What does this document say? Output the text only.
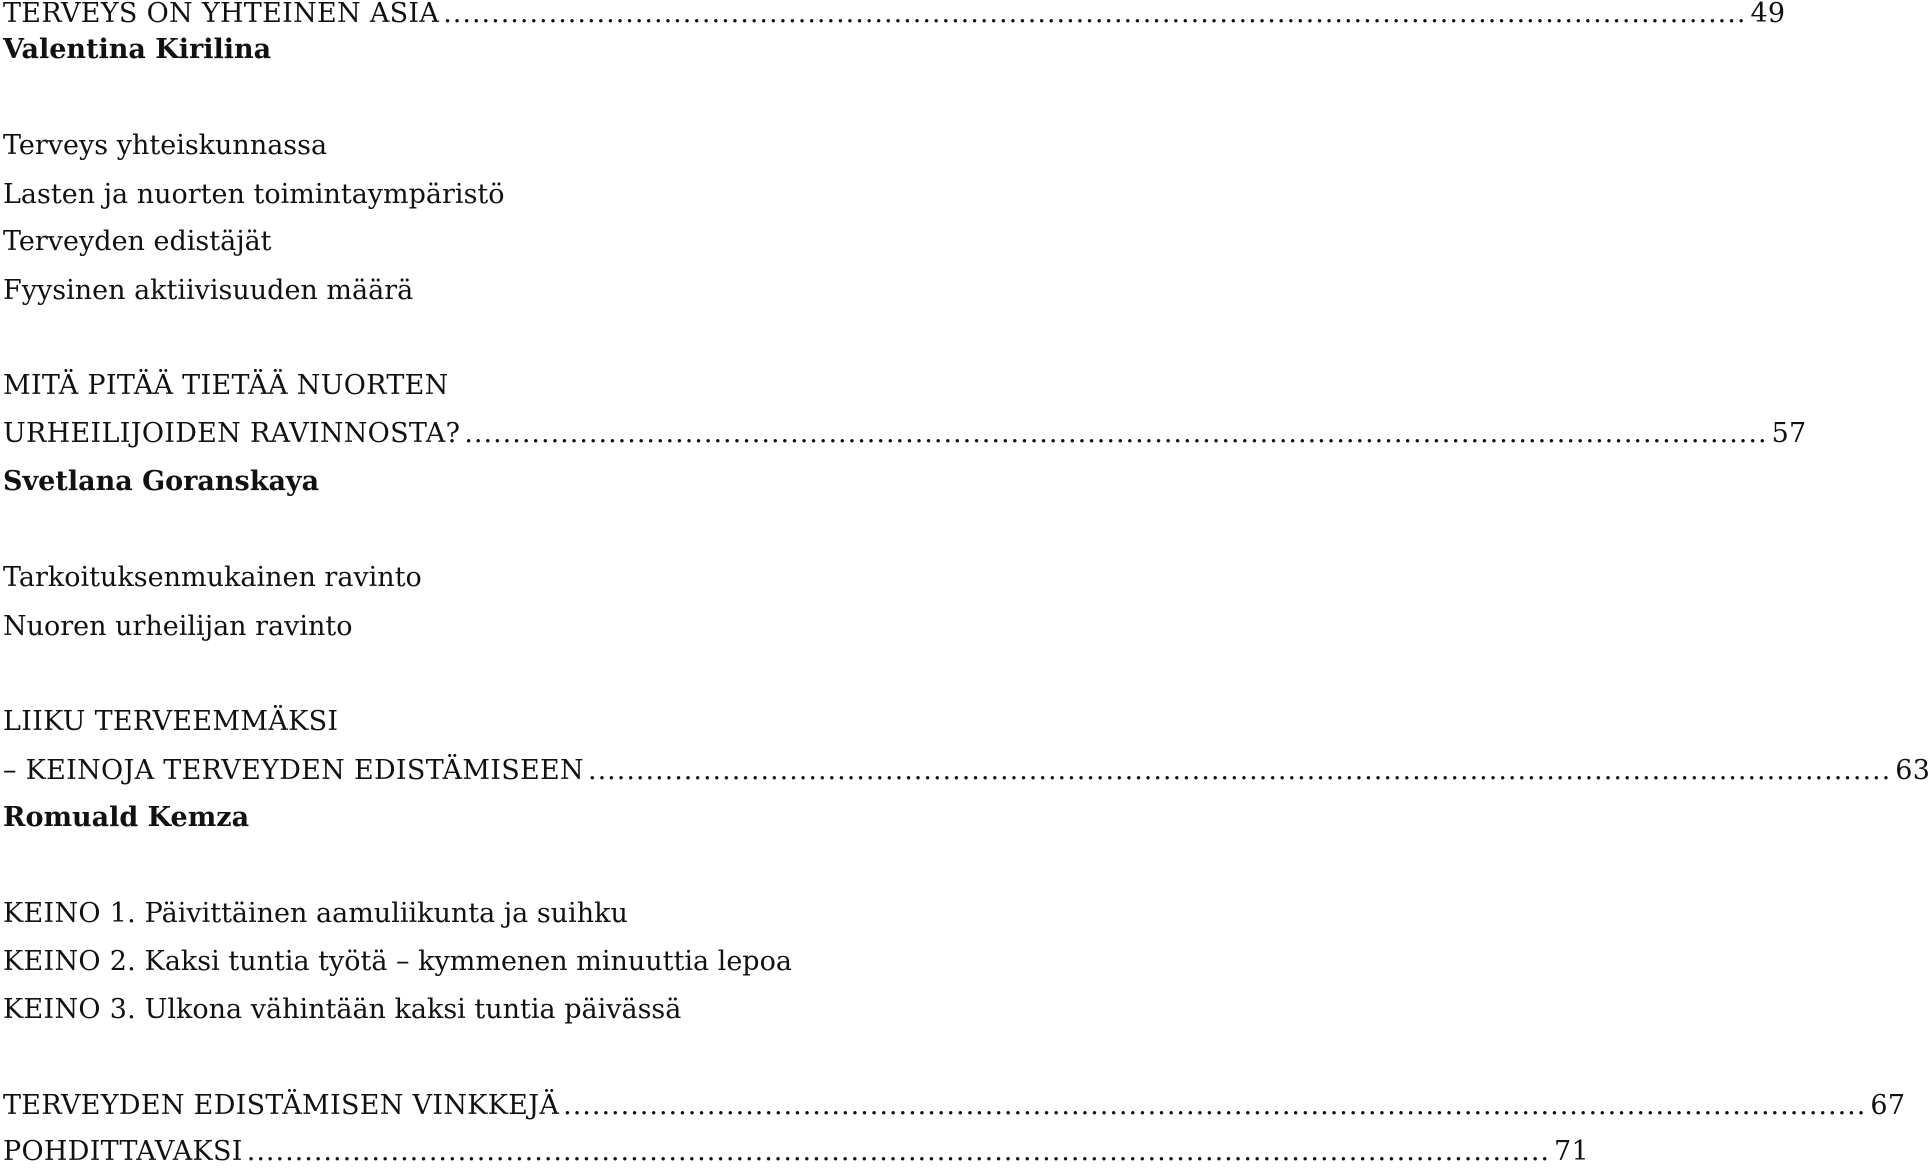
TERVEYS ON YHTEINEN ASIA ........................................................................................................................................ 49
Valentina Kirilina
Terveys yhteiskunnassa
Lasten ja nuorten toimintaympäristö
Terveyden edistäjät
Fyysinen aktiivisuuden määrä
MITÄ PITÄÄ TIETÄÄ NUORTEN
URHEILIJOIDEN RAVINNOSTA? ........................................................................................................................................ 57
Svetlana Goranskaya
Tarkoituksenmukainen ravinto
Nuoren urheilijan ravinto
LIIKU TERVEEMMÄKSI
– KEINOJA TERVEYDEN EDISTÄMISEEN ........................................................................................................................................ 63
Romuald Kemza
KEINO 1. Päivittäinen aamuliikunta ja suihku
KEINO 2. Kaksi tuntia työtä – kymmenen minuuttia lepoa
KEINO 3. Ulkona vähintään kaksi tuntia päivässä
TERVEYDEN EDISTÄMISEN VINKKEJÄ ........................................................................................................................................ 67
POHDITTAVAKSI ........................................................................................................................................ 71
